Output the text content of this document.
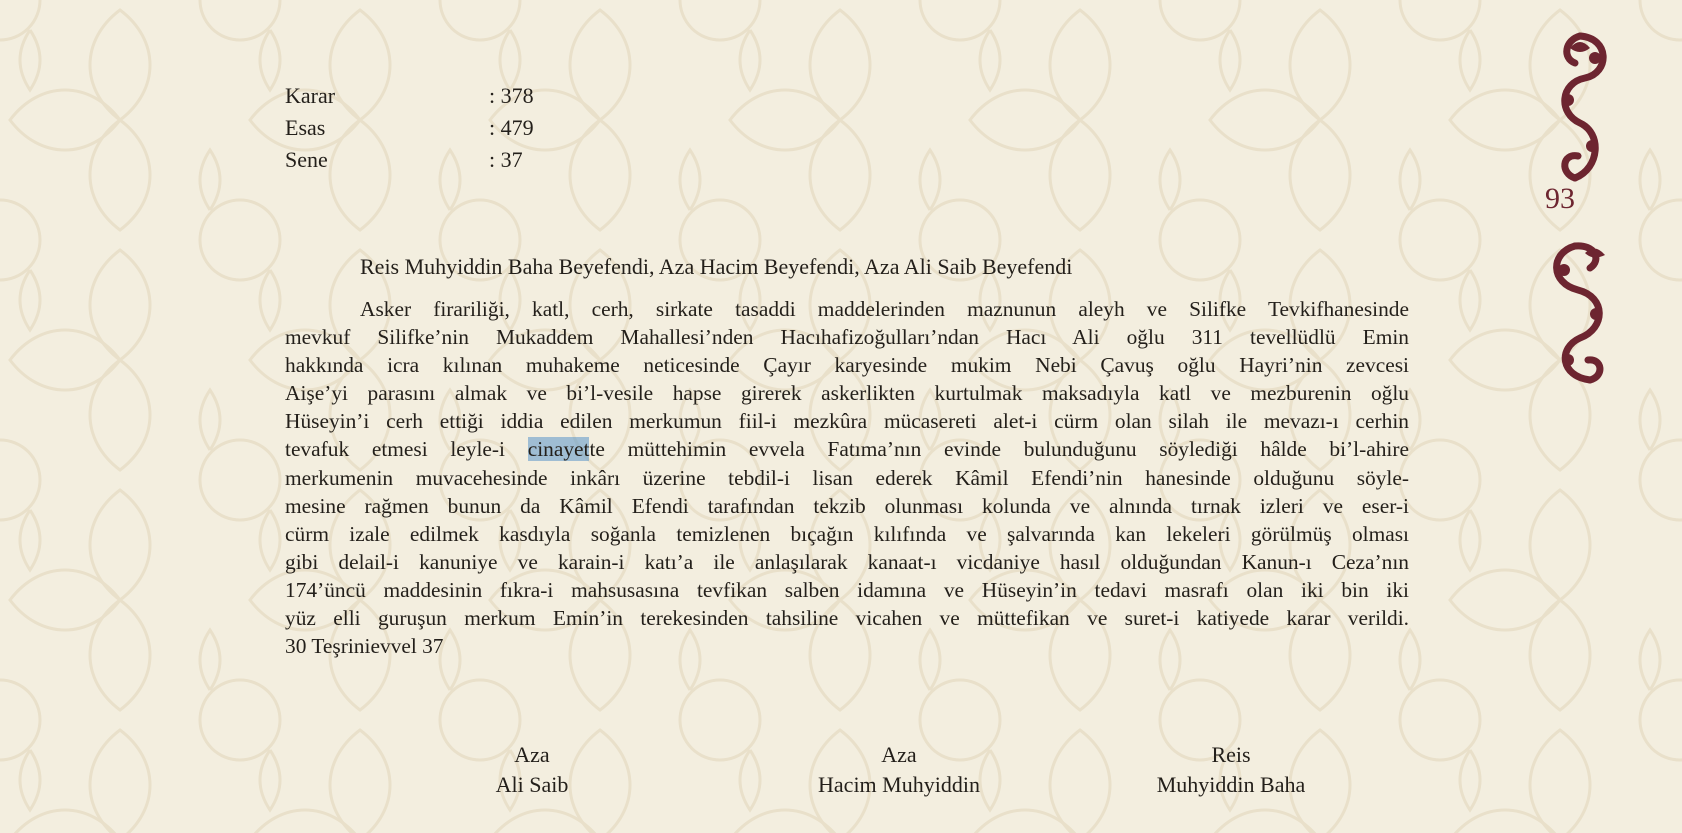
Karar	: 378
Esas	: 479
Sene	: 37
93
Reis Muhyiddin Baha Beyefendi, Aza Hacim Beyefendi, Aza Ali Saib Beyefendi
Asker firariliği, katl, cerh, sirkate tasaddi maddelerinden maznunun aleyh ve Silifke Tevkifhanesinde
mevkuf Silifke’nin Mukaddem Mahallesi’nden Hacıhafizoğulları’ndan Hacı Ali oğlu 311 tevellüdlü Emin
hakkında icra kılınan muhakeme neticesinde Çayır karyesinde mukim Nebi Çavuş oğlu Hayri’nin zevcesi
Aişe’yi parasını almak ve bi’l-vesile hapse girerek askerlikten kurtulmak maksadıyla katl ve mezburenin oğlu
Hüseyin’i cerh ettiği iddia edilen merkumun fiil-i mezkûra mücasereti alet-i cürm olan silah ile mevazı-ı cerhin
tevafuk etmesi leyle-i cinayette müttehimin evvela Fatıma’nın evinde bulunduğunu söylediği hâlde bi’l-ahire
merkumenin muvacehesinde inkârı üzerine tebdil-i lisan ederek Kâmil Efendi’nin hanesinde olduğunu söyle-
mesine rağmen bunun da Kâmil Efendi tarafından tekzib olunması kolunda ve alnında tırnak izleri ve eser-i
cürm izale edilmek kasdıyla soğanla temizlenen bıçağın kılıfında ve şalvarında kan lekeleri görülmüş olması
gibi delail-i kanuniye ve karain-i katı’a ile anlaşılarak kanaat-ı vicdaniye hasıl olduğundan Kanun-ı Ceza’nın
174’üncü maddesinin fıkra-i mahsusasına tevfikan salben idamına ve Hüseyin’in tedavi masrafı olan iki bin iki
yüz elli guruşun merkum Emin’in terekesinden tahsiline vicahen ve müttefikan ve suret-i katiyede karar verildi.
30 Teşrinievvel 37
Aza
Ali Saib
Aza
Hacim Muhyiddin
Reis
Muhyiddin Baha
